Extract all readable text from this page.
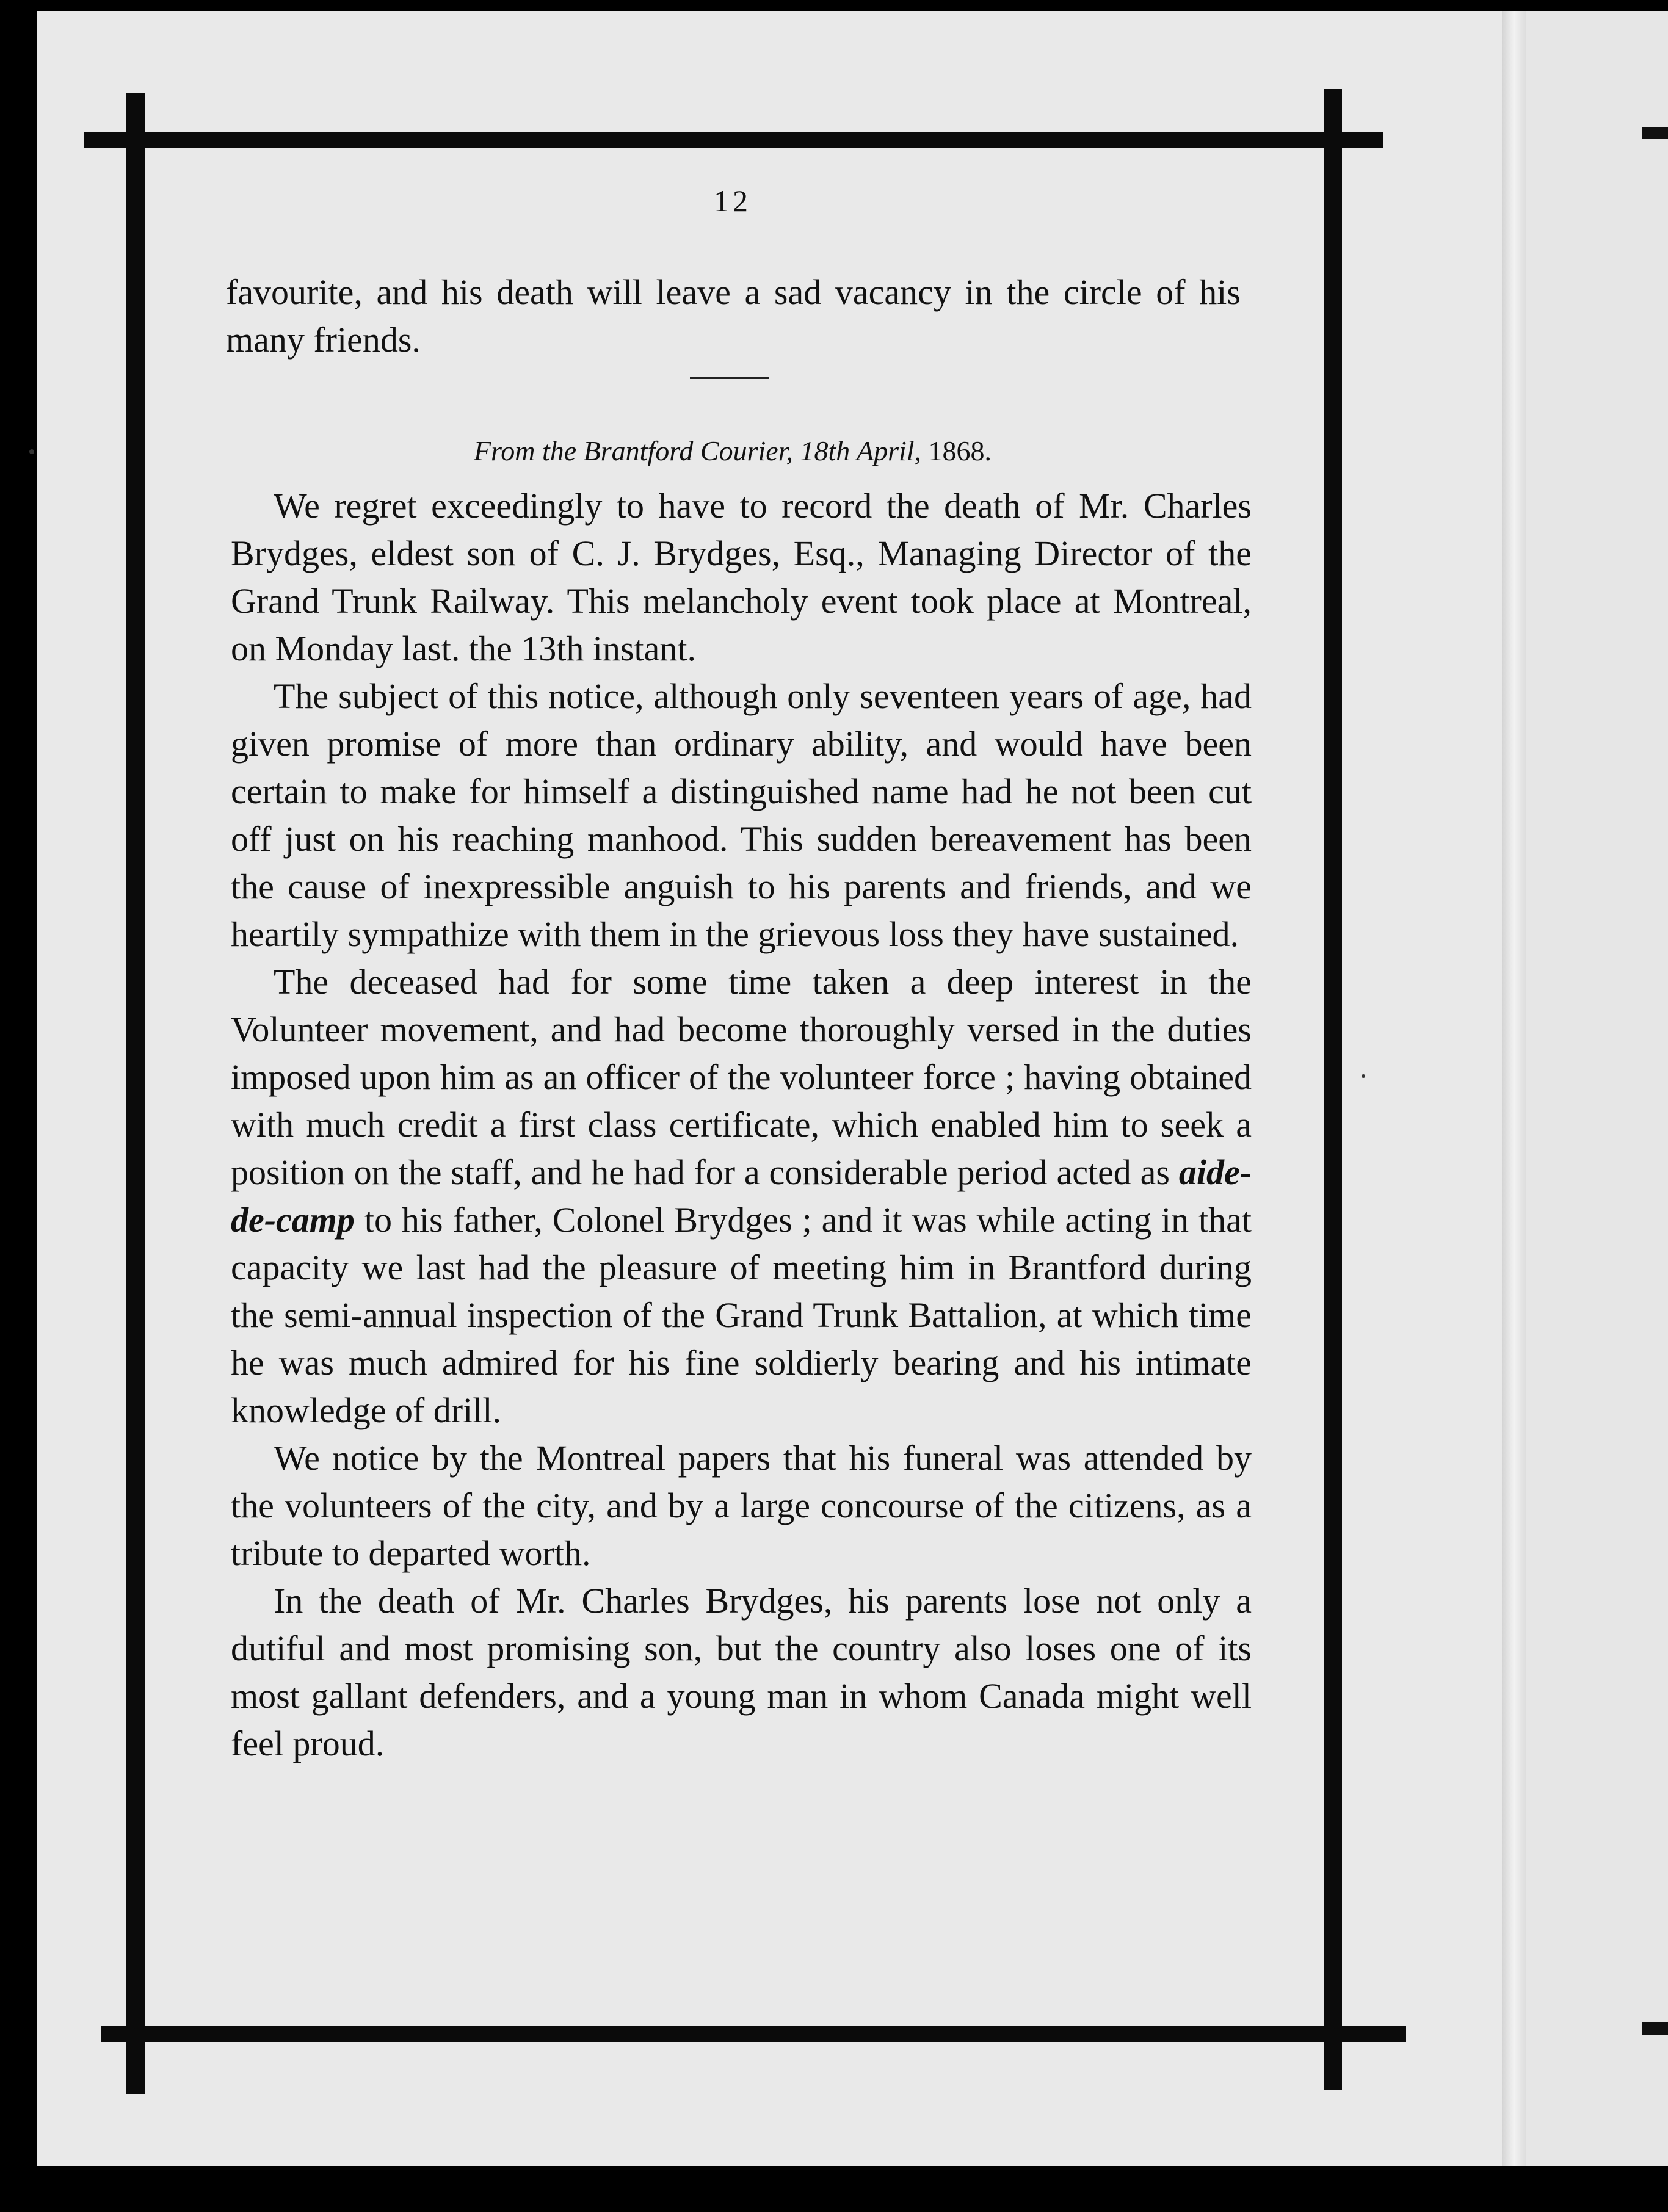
12

favourite, and his death will leave a sad vacancy in the circle of his many friends.

From the Brantford Courier, 18th April, 1868.

We regret exceedingly to have to record the death of Mr. Charles Brydges, eldest son of C. J. Brydges, Esq., Managing Director of the Grand Trunk Railway. This melancholy event took place at Montreal, on Monday last. the 13th instant.

The subject of this notice, although only seventeen years of age, had given promise of more than ordinary ability, and would have been certain to make for himself a distinguished name had he not been cut off just on his reaching manhood. This sudden bereavement has been the cause of inexpressible anguish to his parents and friends, and we heartily sympathize with them in the grievous loss they have sustained.

The deceased had for some time taken a deep interest in the Volunteer movement, and had become thoroughly versed in the duties imposed upon him as an officer of the volunteer force ; having obtained with much credit a first class certificate, which enabled him to seek a position on the staff, and he had for a considerable period acted as aide-de-camp to his father, Colonel Brydges ; and it was while acting in that capacity we last had the pleasure of meeting him in Brantford during the semi-annual inspection of the Grand Trunk Battalion, at which time he was much admired for his fine soldierly bearing and his intimate knowledge of drill.

We notice by the Montreal papers that his funeral was attended by the volunteers of the city, and by a large concourse of the citizens, as a tribute to departed worth.

In the death of Mr. Charles Brydges, his parents lose not only a dutiful and most promising son, but the country also loses one of its most gallant defenders, and a young man in whom Canada might well feel proud.
